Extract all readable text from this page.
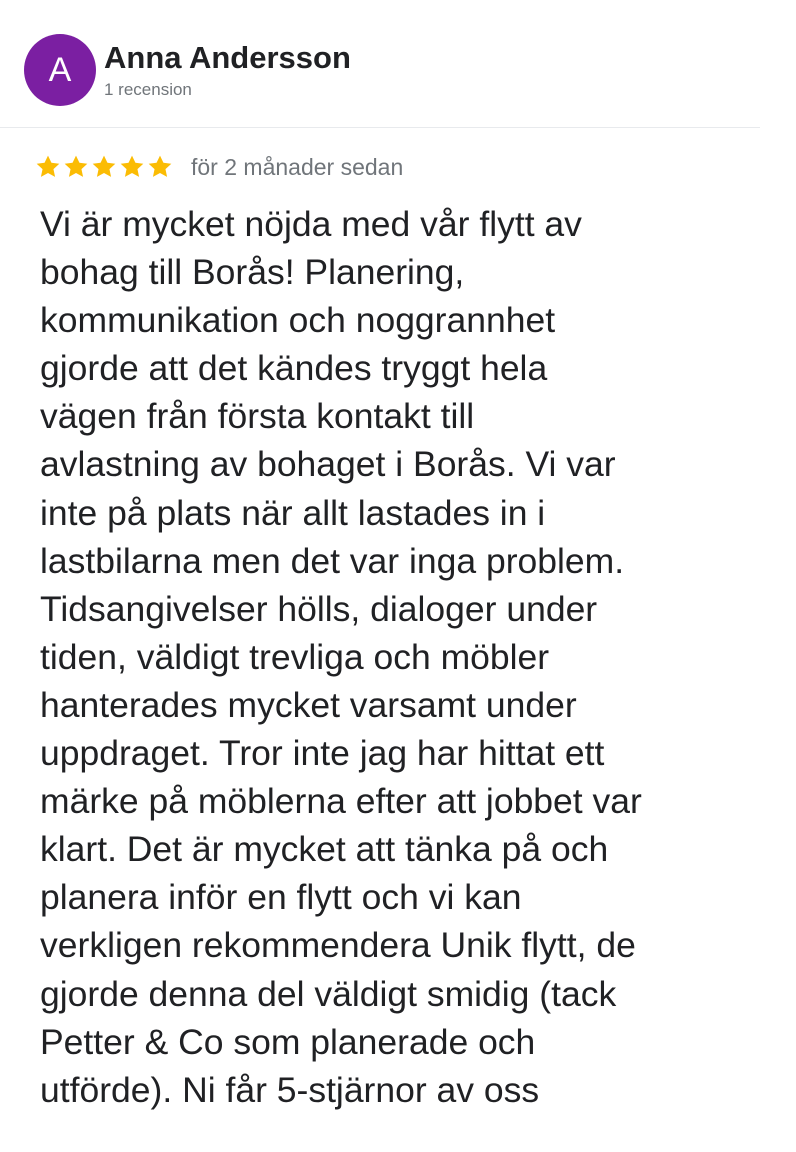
A Anna Andersson
1 recension
för 2 månader sedan

Vi är mycket nöjda med vår flytt av
bohag till Borås! Planering,
kommunikation och noggrannhet
gjorde att det kändes tryggt hela
vägen från första kontakt till
avlastning av bohaget i Borås. Vi var
inte på plats när allt lastades in i
lastbilarna men det var inga problem.
Tidsangivelser hölls, dialoger under
tiden, väldigt trevliga och möbler
hanterades mycket varsamt under
uppdraget. Tror inte jag har hittat ett
märke på möblerna efter att jobbet var
klart. Det är mycket att tänka på och
planera inför en flytt och vi kan
verkligen rekommendera Unik flytt, de
gjorde denna del väldigt smidig (tack
Petter & Co som planerade och
utförde). Ni får 5-stjärnor av oss
